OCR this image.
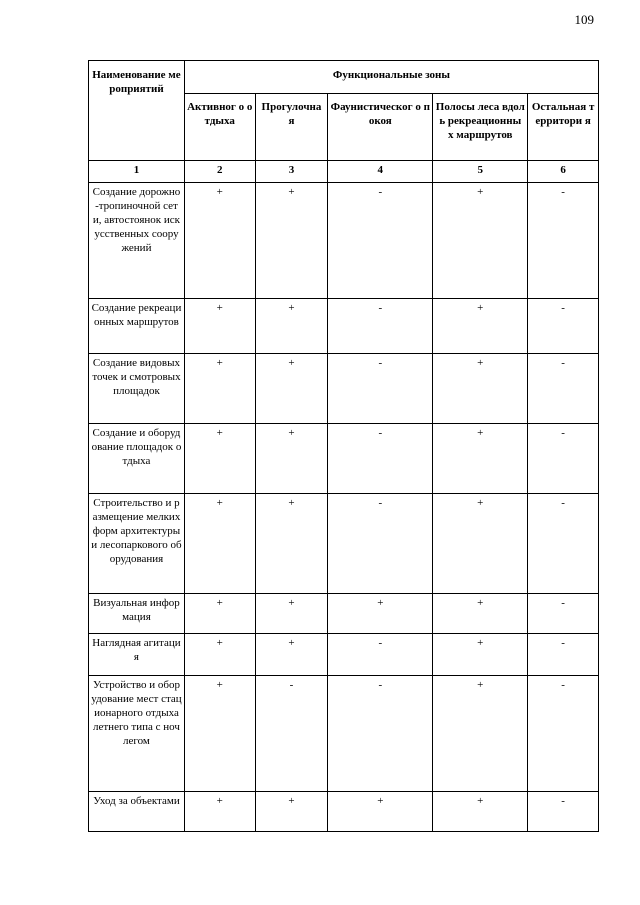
109
Наименование мероприятий	Функциональные зоны				
	Активног о отдыха	Прогулочна я	Фаунистическог о покоя	Полосы леса вдоль рекреационны х маршрутов	Остальная территори я
1	2	3	4	5	6
Создание дорожно-тропиночной сети, автостоянок искусственных сооружений	+	+	-	+	-
Создание рекреационных маршрутов	+	+	-	+	-
Создание видовых точек и смотровых площадок	+	+	-	+	-
Создание и оборудование площадок отдыха	+	+	-	+	-
Строительство и размещение мелких форм архитектуры и лесопаркового оборудования	+	+	-	+	-
Визуальная информация	+	+	+	+	-
Наглядная агитация	+	+	-	+	-
Устройство и оборудование мест стационарного отдыха летнего типа с ночлегом	+	-	-	+	-
Уход за объектами	+	+	+	+	-
